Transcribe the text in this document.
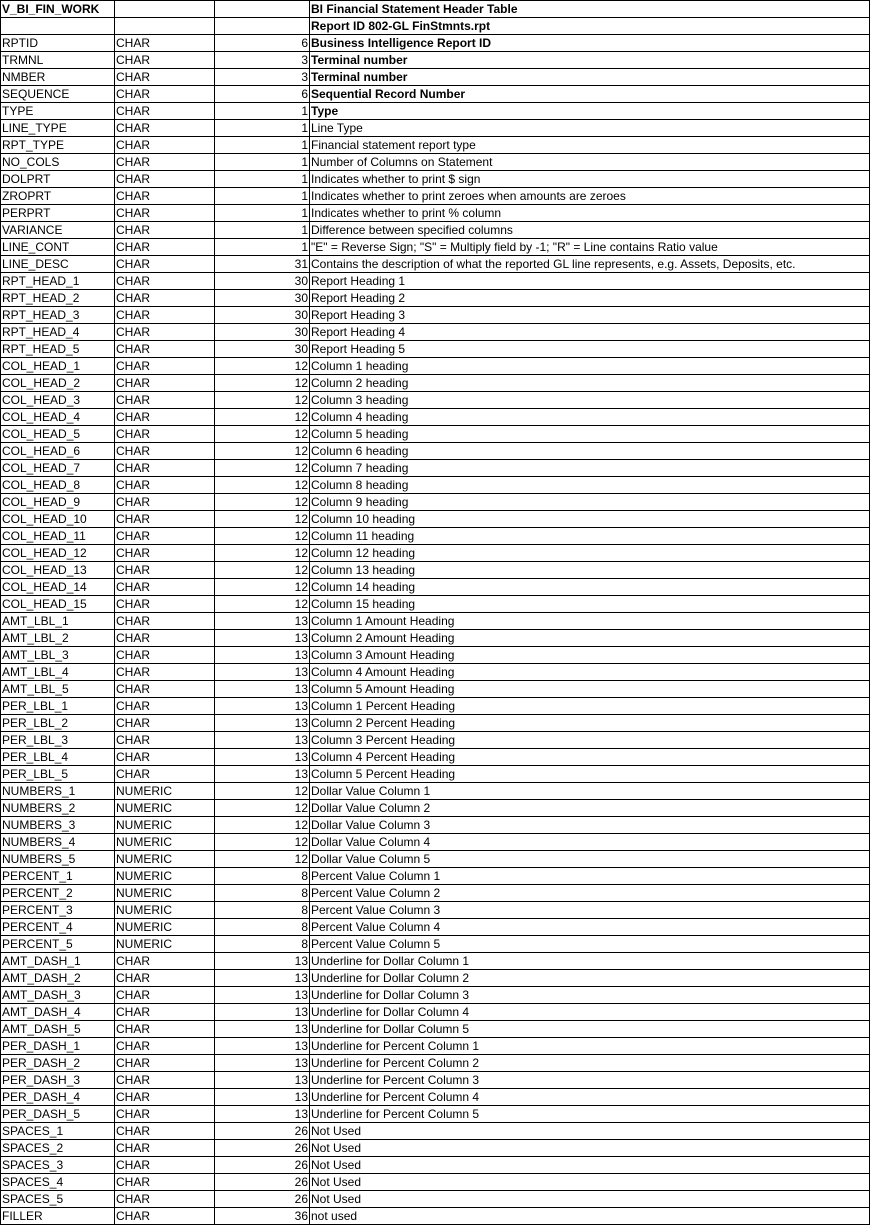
V_BI_FIN_WORK			BI Financial Statement Header Table
			Report ID 802-GL FinStmnts.rpt
RPTID	CHAR	6	Business Intelligence Report ID
TRMNL	CHAR	3	Terminal number
NMBER	CHAR	3	Terminal number
SEQUENCE	CHAR	6	Sequential Record Number
TYPE	CHAR	1	Type
LINE_TYPE	CHAR	1	Line Type
RPT_TYPE	CHAR	1	Financial statement report type
NO_COLS	CHAR	1	Number of Columns on Statement
DOLPRT	CHAR	1	Indicates whether to print $ sign
ZROPRT	CHAR	1	Indicates whether to print zeroes when amounts are zeroes
PERPRT	CHAR	1	Indicates whether to print % column
VARIANCE	CHAR	1	Difference between specified columns
LINE_CONT	CHAR	1	"E" = Reverse Sign; "S" = Multiply field by -1; "R" = Line contains Ratio value
LINE_DESC	CHAR	31	Contains the description of what the reported GL line represents, e.g. Assets, Deposits, etc.
RPT_HEAD_1	CHAR	30	Report Heading 1
RPT_HEAD_2	CHAR	30	Report Heading 2
RPT_HEAD_3	CHAR	30	Report Heading 3
RPT_HEAD_4	CHAR	30	Report Heading 4
RPT_HEAD_5	CHAR	30	Report Heading 5
COL_HEAD_1	CHAR	12	Column 1 heading
COL_HEAD_2	CHAR	12	Column 2 heading
COL_HEAD_3	CHAR	12	Column 3 heading
COL_HEAD_4	CHAR	12	Column 4 heading
COL_HEAD_5	CHAR	12	Column 5 heading
COL_HEAD_6	CHAR	12	Column 6 heading
COL_HEAD_7	CHAR	12	Column 7 heading
COL_HEAD_8	CHAR	12	Column 8 heading
COL_HEAD_9	CHAR	12	Column 9 heading
COL_HEAD_10	CHAR	12	Column 10 heading
COL_HEAD_11	CHAR	12	Column 11 heading
COL_HEAD_12	CHAR	12	Column 12 heading
COL_HEAD_13	CHAR	12	Column 13 heading
COL_HEAD_14	CHAR	12	Column 14 heading
COL_HEAD_15	CHAR	12	Column 15 heading
AMT_LBL_1	CHAR	13	Column 1 Amount Heading
AMT_LBL_2	CHAR	13	Column 2 Amount Heading
AMT_LBL_3	CHAR	13	Column 3 Amount Heading
AMT_LBL_4	CHAR	13	Column 4 Amount Heading
AMT_LBL_5	CHAR	13	Column 5 Amount Heading
PER_LBL_1	CHAR	13	Column 1 Percent Heading
PER_LBL_2	CHAR	13	Column 2 Percent Heading
PER_LBL_3	CHAR	13	Column 3 Percent Heading
PER_LBL_4	CHAR	13	Column 4 Percent Heading
PER_LBL_5	CHAR	13	Column 5 Percent Heading
NUMBERS_1	NUMERIC	12	Dollar Value Column 1
NUMBERS_2	NUMERIC	12	Dollar Value Column 2
NUMBERS_3	NUMERIC	12	Dollar Value Column 3
NUMBERS_4	NUMERIC	12	Dollar Value Column 4
NUMBERS_5	NUMERIC	12	Dollar Value Column 5
PERCENT_1	NUMERIC	8	Percent Value Column 1
PERCENT_2	NUMERIC	8	Percent Value Column 2
PERCENT_3	NUMERIC	8	Percent Value Column 3
PERCENT_4	NUMERIC	8	Percent Value Column 4
PERCENT_5	NUMERIC	8	Percent Value Column 5
AMT_DASH_1	CHAR	13	Underline for Dollar Column 1
AMT_DASH_2	CHAR	13	Underline for Dollar Column 2
AMT_DASH_3	CHAR	13	Underline for Dollar Column 3
AMT_DASH_4	CHAR	13	Underline for Dollar Column 4
AMT_DASH_5	CHAR	13	Underline for Dollar Column 5
PER_DASH_1	CHAR	13	Underline for Percent Column 1
PER_DASH_2	CHAR	13	Underline for Percent Column 2
PER_DASH_3	CHAR	13	Underline for Percent Column 3
PER_DASH_4	CHAR	13	Underline for Percent Column 4
PER_DASH_5	CHAR	13	Underline for Percent Column 5
SPACES_1	CHAR	26	Not Used
SPACES_2	CHAR	26	Not Used
SPACES_3	CHAR	26	Not Used
SPACES_4	CHAR	26	Not Used
SPACES_5	CHAR	26	Not Used
FILLER	CHAR	36	not used
